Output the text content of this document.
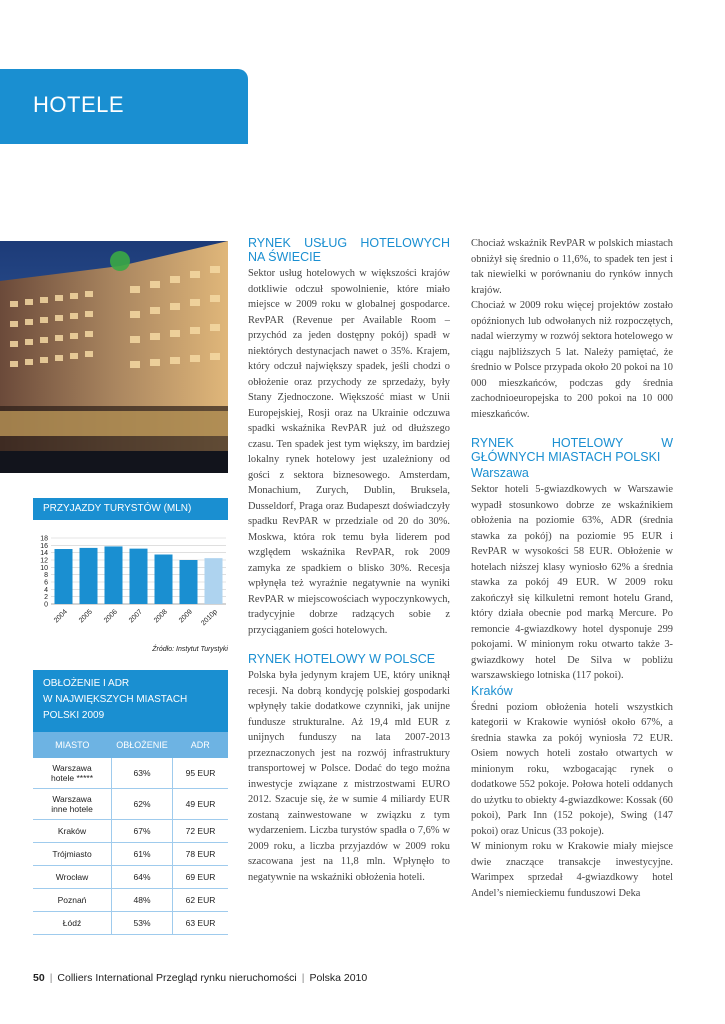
HOTELE
PRZYJAZDY TURYSTÓW (MLN)
0
2
4
6
8
10
12
14
16
18
2004 2005 2006 2007 2008 2009 2010p
Źródło: Instytut Turystyki
OBŁOŻENIE I ADR
W NAJWIĘKSZYCH MIASTACH
POLSKI 2009
MIASTO	OBŁOŻENIE	ADR
Warszawa
hotele *****	63%	95 EUR
Warszawa
inne hotele	62%	49 EUR
Kraków	67%	72 EUR
Trójmiasto	61%	78 EUR
Wrocław	64%	69 EUR
Poznań	48%	62 EUR
Łódź	53%	63 EUR
RYNEK USŁUG HOTELOWYCH NA ŚWIECIE

Sektor usług hotelowych w większości krajów dotkliwie odczuł spowolnienie, które miało miejsce w 2009 roku w globalnej gospodarce. RevPAR (Revenue per Available Room – przychód za jeden dostępny pokój) spadł w niektórych destynacjach nawet o 35%. Krajem, który odczuł największy spadek, jeśli chodzi o obłożenie oraz przychody ze sprzedaży, były Stany Zjednoczone. Większość miast w Unii Europejskiej, Rosji oraz na Ukrainie odczuwa spadki wskaźnika RevPAR już od dłuższego czasu. Ten spadek jest tym większy, im bardziej lokalny rynek hotelowy jest uzależniony od gości z sektora biznesowego. Amsterdam, Monachium, Zurych, Dublin, Bruksela, Dusseldorf, Praga oraz Budapeszt doświadczyły spadku RevPAR w przedziale od 20 do 30%. Moskwa, która rok temu była liderem pod względem wskaźnika RevPAR, rok 2009 zamyka ze spadkiem o blisko 30%. Recesja wpłynęła też wyraźnie negatywnie na wyniki RevPAR w miejscowościach wypoczynkowych, tradycyjnie dobrze radzących sobie z przyciąganiem gości hotelowych.

RYNEK HOTELOWY W POLSCE

Polska była jedynym krajem UE, który uniknął recesji. Na dobrą kondycję polskiej gospodarki wpłynęły takie dodatkowe czynniki, jak unijne fundusze strukturalne. Aż 19,4 mld EUR z unijnych funduszy na lata 2007-2013 przeznaczonych jest na rozwój infrastruktury transportowej w Polsce. Dodać do tego można inwestycje związane z mistrzostwami EURO 2012. Szacuje się, że w sumie 4 miliardy EUR zostaną zainwestowane w związku z tym wydarzeniem. Liczba turystów spadła o 7,6% w 2009 roku, a liczba przyjazdów w 2009 roku szacowana jest na 11,8 mln. Wpłynęło to negatywnie na wskaźniki obłożenia hoteli.

Chociaż wskaźnik RevPAR w polskich miastach obniżył się średnio o 11,6%, to spadek ten jest i tak niewielki w porównaniu do rynków innych krajów.

Chociaż w 2009 roku więcej projektów zostało opóźnionych lub odwołanych niż rozpoczętych, nadal wierzymy w rozwój sektora hotelowego w ciągu najbliższych 5 lat. Należy pamiętać, że średnio w Polsce przypada około 20 pokoi na 10 000 mieszkańców, podczas gdy średnia zachodnioeuropejska to 200 pokoi na 10 000 mieszkańców.

RYNEK HOTELOWY W GŁÓWNYCH MIASTACH POLSKI
Warszawa

Sektor hoteli 5-gwiazdkowych w Warszawie wypadł stosunkowo dobrze ze wskaźnikiem obłożenia na poziomie 63%, ADR (średnia stawka za pokój) na poziomie 95 EUR i RevPAR w wysokości 58 EUR. Obłożenie w hotelach niższej klasy wyniosło 62% a średnia stawka za pokój 49 EUR. W 2009 roku zakończył się kilkuletni remont hotelu Grand, który działa obecnie pod marką Mercure. Po remoncie 4-gwiazdkowy hotel dysponuje 299 pokojami. W minionym roku otwarto także 3-gwiazdkowy hotel De Silva w pobliżu warszawskiego lotniska (117 pokoi).

Kraków

Średni poziom obłożenia hoteli wszystkich kategorii w Krakowie wyniósł około 67%, a średnia stawka za pokój wyniosła 72 EUR. Osiem nowych hoteli zostało otwartych w minionym roku, wzbogacając rynek o dodatkowe 552 pokoje. Połowa hoteli oddanych do użytku to obiekty 4-gwiazdkowe: Kossak (60 pokoi), Park Inn (152 pokoje), Swing (147 pokoi) oraz Unicus (33 pokoje).

W minionym roku w Krakowie miały miejsce dwie znaczące transakcje inwestycyjne. Warimpex sprzedał 4-gwiazdkowy hotel Andel’s niemieckiemu funduszowi Deka

50 | Colliers International Przegląd rynku nieruchomości | Polska 2010
